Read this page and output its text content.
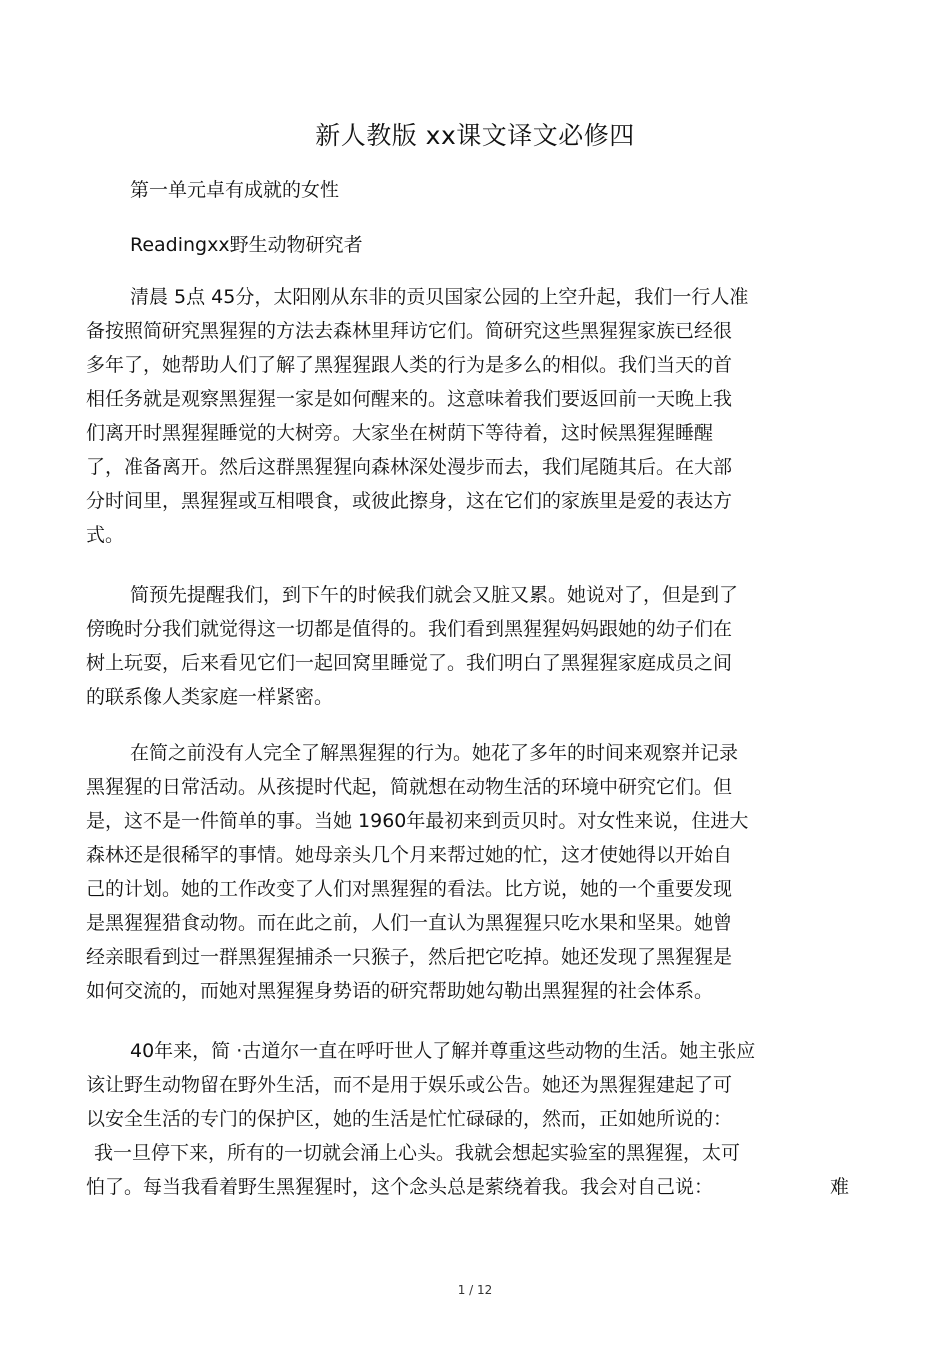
新人教版 xx课文译文必修四
第一单元卓有成就的女性
Readingxx野生动物研究者
清晨 5点 45分，太阳刚从东非的贡贝国家公园的上空升起，我们一行人准
备按照简研究黑猩猩的方法去森林里拜访它们。简研究这些黑猩猩家族已经很
多年了，她帮助人们了解了黑猩猩跟人类的行为是多么的相似。我们当天的首
相任务就是观察黑猩猩一家是如何醒来的。这意味着我们要返回前一天晚上我
们离开时黑猩猩睡觉的大树旁。大家坐在树荫下等待着，这时候黑猩猩睡醒
了，准备离开。然后这群黑猩猩向森林深处漫步而去，我们尾随其后。在大部
分时间里，黑猩猩或互相喂食，或彼此擦身，这在它们的家族里是爱的表达方
式。
简预先提醒我们，到下午的时候我们就会又脏又累。她说对了，但是到了
傍晚时分我们就觉得这一切都是值得的。我们看到黑猩猩妈妈跟她的幼子们在
树上玩耍，后来看见它们一起回窝里睡觉了。我们明白了黑猩猩家庭成员之间
的联系像人类家庭一样紧密。
在简之前没有人完全了解黑猩猩的行为。她花了多年的时间来观察并记录
黑猩猩的日常活动。从孩提时代起，简就想在动物生活的环境中研究它们。但
是，这不是一件简单的事。当她 1960年最初来到贡贝时。对女性来说，住进大
森林还是很稀罕的事情。她母亲头几个月来帮过她的忙，这才使她得以开始自
己的计划。她的工作改变了人们对黑猩猩的看法。比方说，她的一个重要发现
是黑猩猩猎食动物。而在此之前，人们一直认为黑猩猩只吃水果和坚果。她曾
经亲眼看到过一群黑猩猩捕杀一只猴子，然后把它吃掉。她还发现了黑猩猩是
如何交流的，而她对黑猩猩身势语的研究帮助她勾勒出黑猩猩的社会体系。
40年来，简 ·古道尔一直在呼吁世人了解并尊重这些动物的生活。她主张应
该让野生动物留在野外生活，而不是用于娱乐或公告。她还为黑猩猩建起了可
以安全生活的专门的保护区，她的生活是忙忙碌碌的，然而，正如她所说的：
我一旦停下来，所有的一切就会涌上心头。我就会想起实验室的黑猩猩，太可
怕了。每当我看着野生黑猩猩时，这个念头总是萦绕着我。我会对自己说：	难
1 / 12
